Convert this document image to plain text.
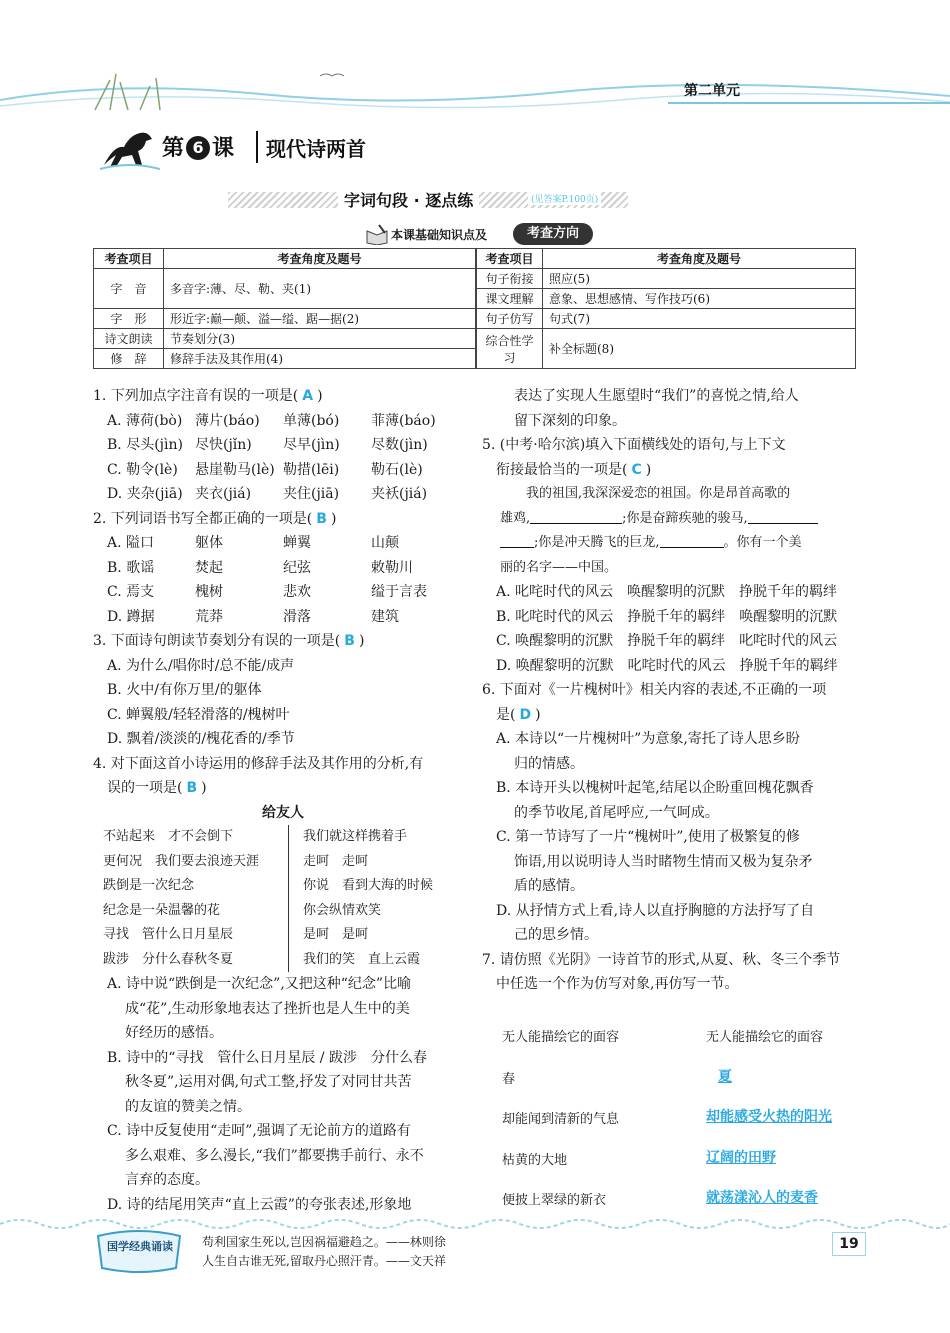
第二单元
第 6 课 现代诗两首
字词句段 · 逐点练	(见答案P.100页)
本课基础知识点及	考查方向
考查项目	考查角度及题号
字　音	多音字:薄、尽、勒、夹(1)
字　形	形近字:巅—颠、溢—缢、踞—据(2)
诗文朗读	节奏划分(3)
修　辞	修辞手法及其作用(4)
考查项目	考查角度及题号
句子衔接	照应(5)
课文理解	意象、思想感情、写作技巧(6)
句子仿写	句式(7)
综合性学习	补全标题(8)
1. 下列加点字注音有误的一项是( A )
A. 薄荷(bò) 薄片(báo)	单薄(bó)	菲薄(báo)
B. 尽头(jìn) 尽快(jǐn)	尽早(jìn)	尽数(jìn)
C. 勒令(lè)	悬崖勒马(lè) 勒措(lēi)	勒石(lè)
D. 夹杂(jiā) 夹衣(jiá)	夹住(jiā)	夹袄(jiá)
2. 下列词语书写全都正确的一项是( B )
A. 隘口	躯体	蝉翼	山颠
B. 歌谣	焚起	纪弦	敕勒川
C. 焉支	槐树	悲欢	缢于言表
D. 蹲据	荒莽	滑落	建筑
3. 下面诗句朗读节奏划分有误的一项是( B )
A. 为什么/唱你时/总不能/成声
B. 火中/有你万里/的躯体
C. 蝉翼般/轻轻滑落的/槐树叶
D. 飘着/淡淡的/槐花香的/季节
4. 对下面这首小诗运用的修辞手法及其作用的分析,有
误的一项是( B )
给友人
不站起来　才不会倒下
更何况　我们要去浪迹天涯
跌倒是一次纪念
纪念是一朵温馨的花
寻找　管什么日月星辰
跋涉　分什么春秋冬夏
我们就这样携着手
走呵　走呵
你说　看到大海的时候
你会纵情欢笑
是呵　是呵
我们的笑　直上云霞
A. 诗中说“跌倒是一次纪念”,又把这种“纪念”比喻
成“花”,生动形象地表达了挫折也是人生中的美
好经历的感悟。
B. 诗中的“寻找　管什么日月星辰 / 跋涉　分什么春
秋冬夏”,运用对偶,句式工整,抒发了对同甘共苦
的友谊的赞美之情。
C. 诗中反复使用“走呵”,强调了无论前方的道路有
多么艰难、多么漫长,“我们”都要携手前行、永不
言弃的态度。
D. 诗的结尾用笑声“直上云霞”的夸张表述,形象地
表达了实现人生愿望时“我们”的喜悦之情,给人
留下深刻的印象。
5. (中考·哈尔滨)填入下面横线处的语句,与上下文
衔接最恰当的一项是( C )
我的祖国,我深深爱恋的祖国。你是昂首高歌的
雄鸡,	;你是奋蹄疾驰的骏马,
;你是冲天腾飞的巨龙,	。你有一个美
丽的名字——中国。
A. 叱咤时代的风云　 唤醒黎明的沉默　 挣脱千年的羁绊
B. 叱咤时代的风云　 挣脱千年的羁绊　 唤醒黎明的沉默
C. 唤醒黎明的沉默　 挣脱千年的羁绊　 叱咤时代的风云
D. 唤醒黎明的沉默　 叱咤时代的风云　 挣脱千年的羁绊
6. 下面对《一片槐树叶》相关内容的表述,不正确的一项
是( D )
A. 本诗以“一片槐树叶”为意象,寄托了诗人思乡盼
归的情感。
B. 本诗开头以槐树叶起笔,结尾以企盼重回槐花飘香
的季节收尾,首尾呼应,一气呵成。
C. 第一节诗写了一片“槐树叶”,使用了极繁复的修
饰语,用以说明诗人当时睹物生情而又极为复杂矛
盾的感情。
D. 从抒情方式上看,诗人以直抒胸臆的方法抒写了自
己的思乡情。
7. 请仿照《光阴》一诗首节的形式,从夏、秋、冬三个季节
中任选一个作为仿写对象,再仿写一节。
无人能描绘它的面容
春
却能闻到清新的气息
枯黄的大地
便披上翠绿的新衣
无人能描绘它的面容
夏
却能感受火热的阳光
辽阔的田野
就荡漾沁人的麦香
国学经典诵读 苟利国家生死以,岂因祸福避趋之。——林则徐
人生自古谁无死,留取丹心照汗青。——文天祥
19
